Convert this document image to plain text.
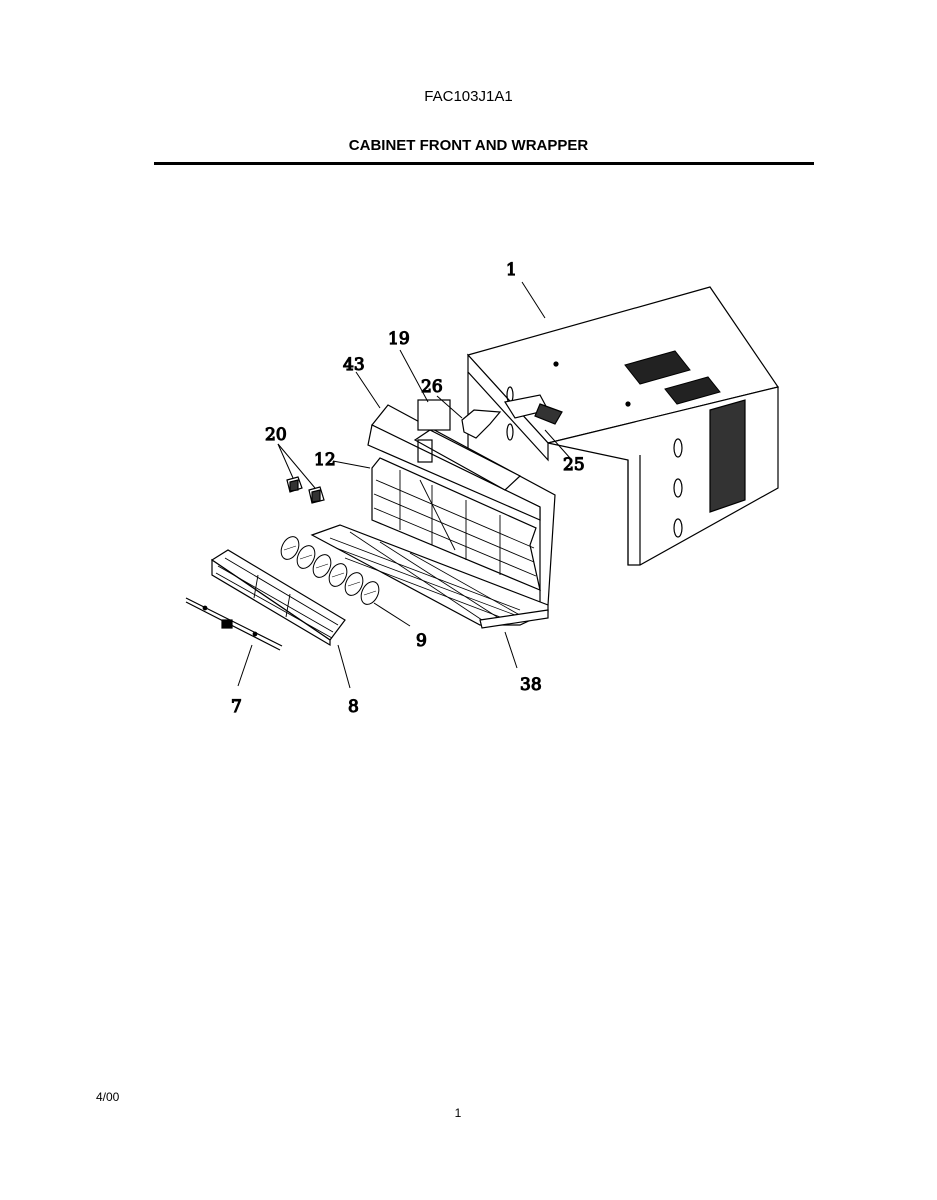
FAC103J1A1
CABINET FRONT AND WRAPPER
1
19
43
26
20
12	25
9
38
7	8
4/00
1
